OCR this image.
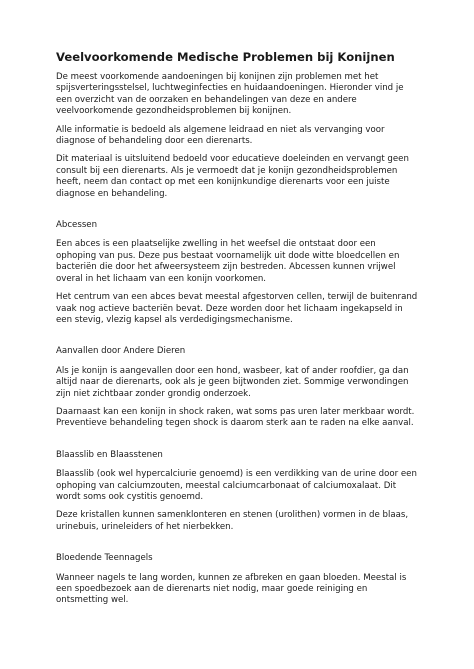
Veelvoorkomende Medische Problemen bij Konijnen

De meest voorkomende aandoeningen bij konijnen zijn problemen met het spijsverteringsstelsel, luchtweginfecties en huidaandoeningen. Hieronder vind je een overzicht van de oorzaken en behandelingen van deze en andere veelvoorkomende gezondheidsproblemen bij konijnen.

Alle informatie is bedoeld als algemene leidraad en niet als vervanging voor diagnose of behandeling door een dierenarts.

Dit materiaal is uitsluitend bedoeld voor educatieve doeleinden en vervangt geen consult bij een dierenarts. Als je vermoedt dat je konijn gezondheidsproblemen heeft, neem dan contact op met een konijnkundige dierenarts voor een juiste diagnose en behandeling.

Abcessen

Een abces is een plaatselijke zwelling in het weefsel die ontstaat door een ophoping van pus. Deze pus bestaat voornamelijk uit dode witte bloedcellen en bacteriën die door het afweersysteem zijn bestreden. Abcessen kunnen vrijwel overal in het lichaam van een konijn voorkomen.

Het centrum van een abces bevat meestal afgestorven cellen, terwijl de buitenrand vaak nog actieve bacteriën bevat. Deze worden door het lichaam ingekapseld in een stevig, vlezig kapsel als verdedigingsmechanisme.

Aanvallen door Andere Dieren

Als je konijn is aangevallen door een hond, wasbeer, kat of ander roofdier, ga dan altijd naar de dierenarts, ook als je geen bijtwonden ziet. Sommige verwondingen zijn niet zichtbaar zonder grondig onderzoek.

Daarnaast kan een konijn in shock raken, wat soms pas uren later merkbaar wordt. Preventieve behandeling tegen shock is daarom sterk aan te raden na elke aanval.

Blaasslib en Blaasstenen

Blaasslib (ook wel hypercalciurie genoemd) is een verdikking van de urine door een ophoping van calciumzouten, meestal calciumcarbonaat of calciumoxalaat. Dit wordt soms ook cystitis genoemd.

Deze kristallen kunnen samenklonteren en stenen (urolithen) vormen in de blaas, urinebuis, urineleiders of het nierbekken.

Bloedende Teennagels

Wanneer nagels te lang worden, kunnen ze afbreken en gaan bloeden. Meestal is een spoedbezoek aan de dierenarts niet nodig, maar goede reiniging en ontsmetting wel.
